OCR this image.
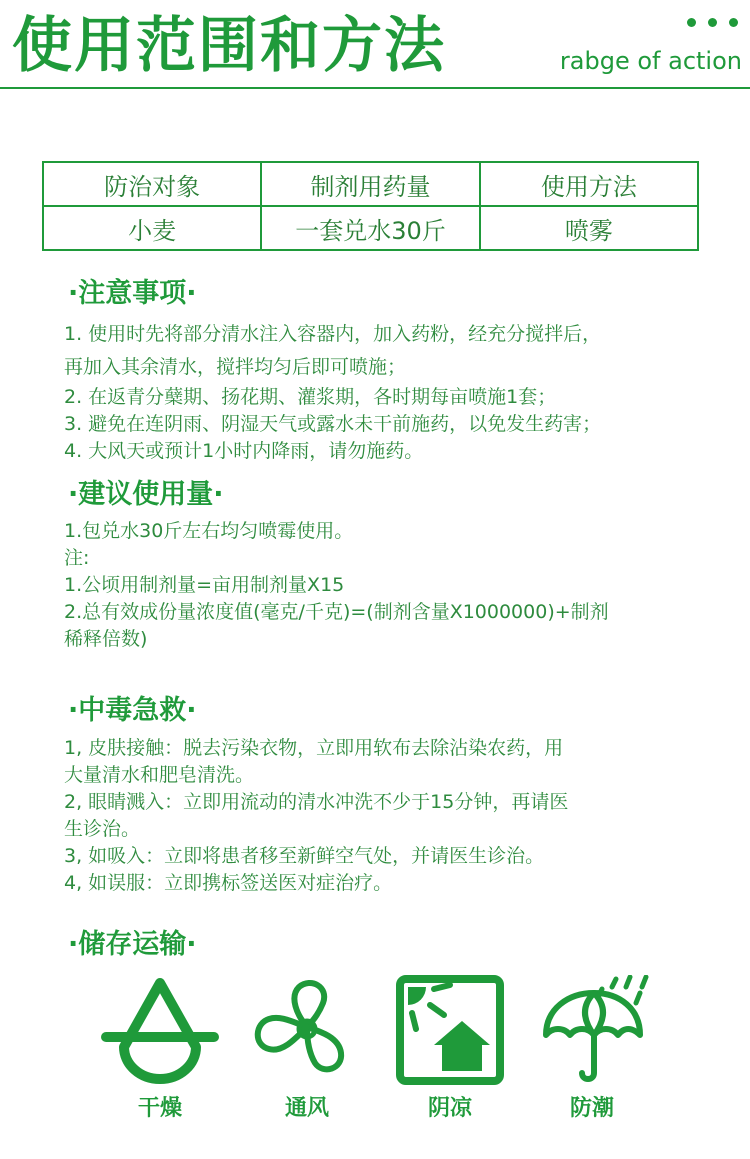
使用范围和方法	rabge of action
防治对象	制剂用药量	使用方法
小麦	一套兑水30斤	喷雾
·注意事项·
1. 使用时先将部分清水注入容器内，加入药粉，经充分搅拌后，
再加入其余清水，搅拌均匀后即可喷施；
2. 在返青分蘖期、扬花期、灌浆期，各时期每亩喷施1套；
3. 避免在连阴雨、阴湿天气或露水未干前施药，以免发生药害；
4. 大风天或预计1小时内降雨，请勿施药。
·建议使用量·
1.包兑水30斤左右均匀喷霉使用。
注:
1.公顷用制剂量=亩用制剂量X15
2.总有效成份量浓度值(毫克/千克)=(制剂含量X1000000)+制剂
稀释倍数)
·中毒急救·
1, 皮肤接触：脱去污染衣物，立即用软布去除沾染农药，用
大量清水和肥皂清洗。
2, 眼睛溅入：立即用流动的清水冲洗不少于15分钟，再请医
生诊治。
3, 如吸入：立即将患者移至新鲜空气处，并请医生诊治。
4, 如误服：立即携标签送医对症治疗。
·储存运输·
干燥	通风	阴凉	防潮
